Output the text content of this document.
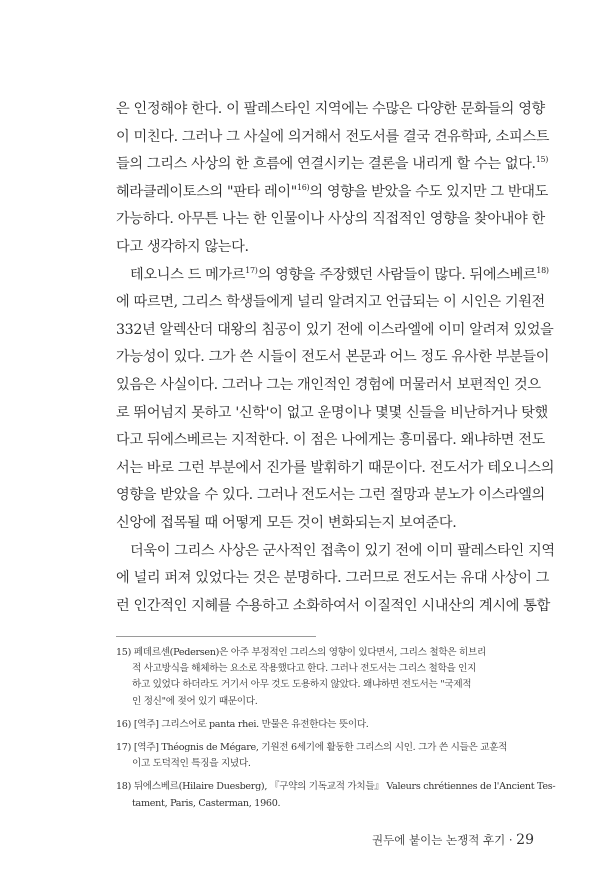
은 인정해야 한다. 이 팔레스타인 지역에는 수많은 다양한 문화들의 영향
이 미친다. 그러나 그 사실에 의거해서 전도서를 결국 견유학파, 소피스트
들의 그리스 사상의 한 흐름에 연결시키는 결론을 내리게 할 수는 없다.$^{15)}$
헤라클레이토스의 "판타 레이"$^{16)}$의 영향을 받았을 수도 있지만 그 반대도
가능하다. 아무튼 나는 한 인물이나 사상의 직접적인 영향을 찾아내야 한
다고 생각하지 않는다.
테오니스 드 메가르$^{17)}$의 영향을 주장했던 사람들이 많다. 뒤에스베르$^{18)}$
에 따르면, 그리스 학생들에게 널리 알려지고 언급되는 이 시인은 기원전
332년 알렉산더 대왕의 침공이 있기 전에 이스라엘에 이미 알려져 있었을
가능성이 있다. 그가 쓴 시들이 전도서 본문과 어느 정도 유사한 부분들이
있음은 사실이다. 그러나 그는 개인적인 경험에 머물러서 보편적인 것으
로 뛰어넘지 못하고 '신학'이 없고 운명이나 몇몇 신들을 비난하거나 탓했
다고 뒤에스베르는 지적한다. 이 점은 나에게는 흥미롭다. 왜냐하면 전도
서는 바로 그런 부분에서 진가를 발휘하기 때문이다. 전도서가 테오니스의
영향을 받았을 수 있다. 그러나 전도서는 그런 절망과 분노가 이스라엘의
신앙에 접목될 때 어떻게 모든 것이 변화되는지 보여준다.
더욱이 그리스 사상은 군사적인 접촉이 있기 전에 이미 팔레스타인 지역
에 널리 퍼져 있었다는 것은 분명하다. 그러므로 전도서는 유대 사상이 그
런 인간적인 지혜를 수용하고 소화하여서 이질적인 시내산의 계시에 통합
15) 페데르센(Pedersen)은 아주 부정적인 그리스의 영향이 있다면서, 그리스 철학은 히브리
적 사고방식을 해체하는 요소로 작용했다고 한다. 그러나 전도서는 그리스 철학을 인지
하고 있었다 하더라도 거기서 아무 것도 도용하지 않았다. 왜냐하면 전도서는 "국제적
인 정신"에 젖어 있기 때문이다.
16) [역주] 그리스어로 panta rhei. 만물은 유전한다는 뜻이다.
17) [역주] Théognis de Mégare, 기원전 6세기에 활동한 그리스의 시인. 그가 쓴 시들은 교훈적
이고 도덕적인 특징을 지녔다.
18) 뒤에스베르(Hilaire Duesberg), 『구약의 기독교적 가치들』 Valeurs chrétiennes de l'Ancient Tes-
tament, Paris, Casterman, 1960.
권두에 붙이는 논쟁적 후기 · 29
